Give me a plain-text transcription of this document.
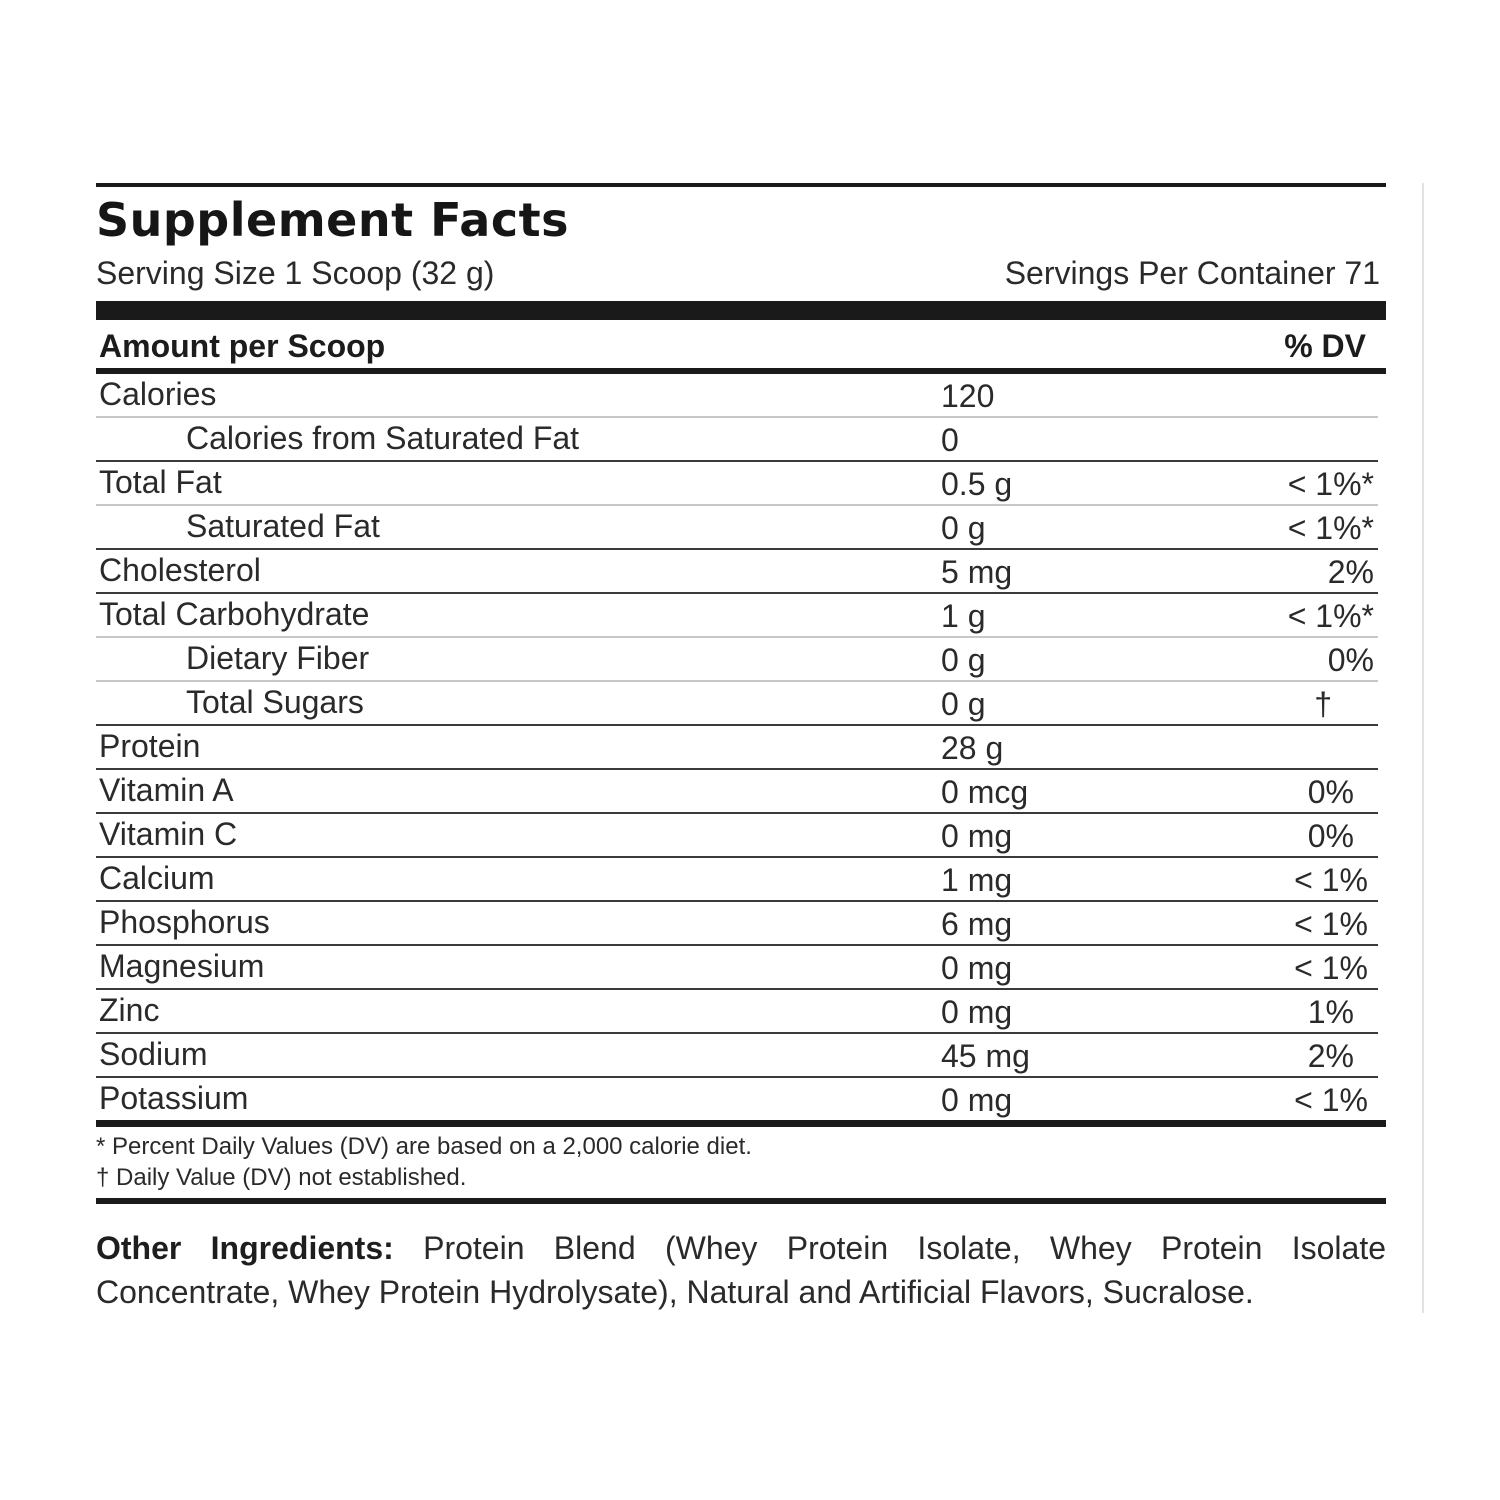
Supplement Facts
Serving Size 1 Scoop (32 g)	Servings Per Container 71
Amount per Scoop	% DV
Calories	120
Calories from Saturated Fat	0
Total Fat	0.5 g	< 1%*
Saturated Fat	0 g	< 1%*
Cholesterol	5 mg	2%
Total Carbohydrate	1 g	< 1%*
Dietary Fiber	0 g	0%
Total Sugars	0 g	†
Protein	28 g
Vitamin A	0 mcg	0%
Vitamin C	0 mg	0%
Calcium	1 mg	< 1%
Phosphorus	6 mg	< 1%
Magnesium	0 mg	< 1%
Zinc	0 mg	1%
Sodium	45 mg	2%
Potassium	0 mg	< 1%
* Percent Daily Values (DV) are based on a 2,000 calorie diet.
† Daily Value (DV) not established.
Other Ingredients: Protein Blend (Whey Protein Isolate, Whey Protein Isolate Concentrate, Whey Protein Hydrolysate), Natural and Artificial Flavors, Sucralose.
